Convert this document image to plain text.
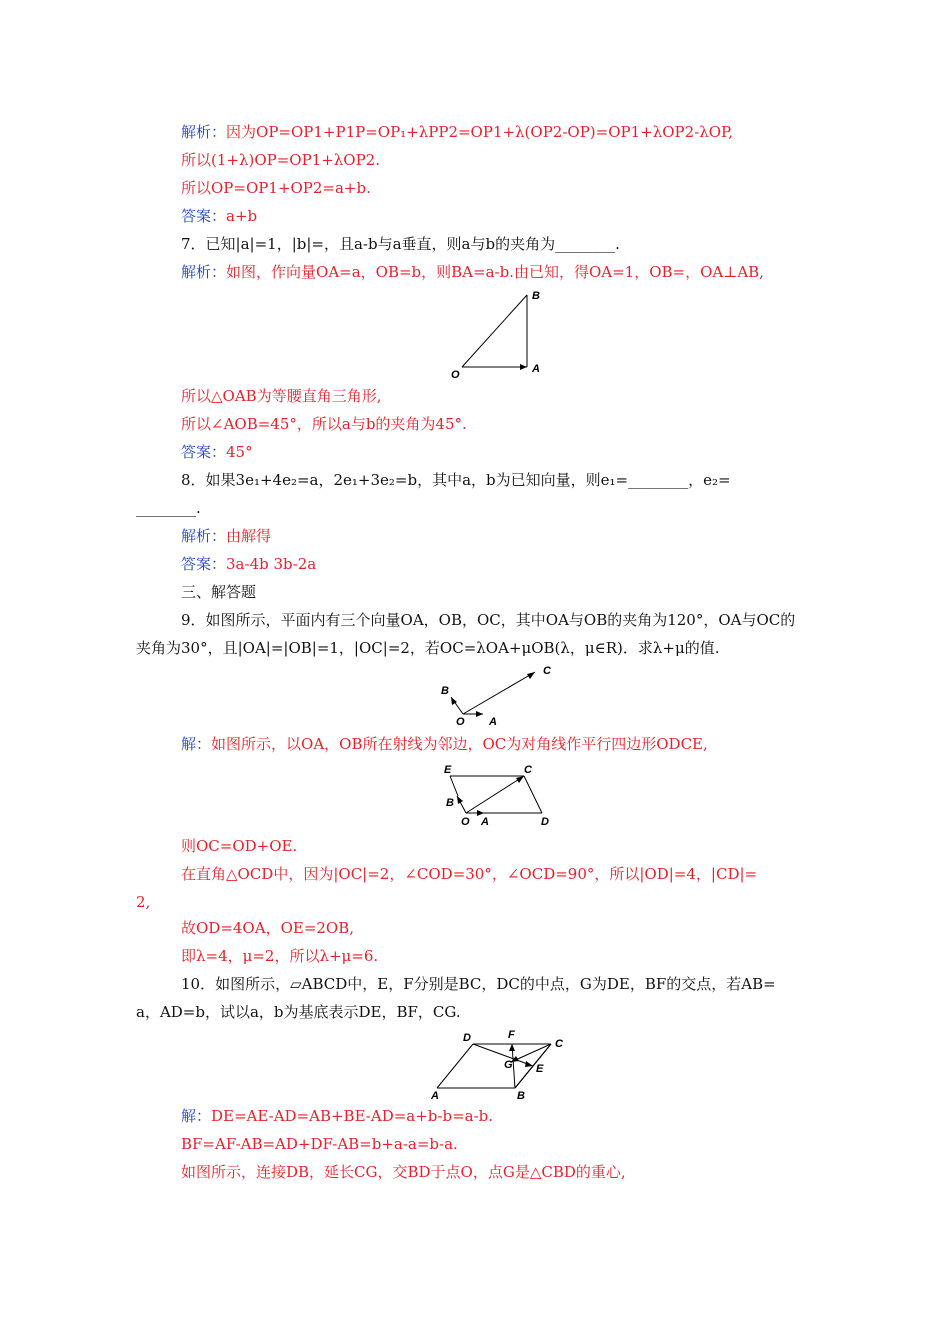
解析：因为OP=OP1+P1P=OP₁+λPP2=OP1+λ(OP2-OP)=OP1+λOP2-λOP,
所以(1+λ)OP=OP1+λOP2.
所以OP=OP1+OP2=a+b.
答案：a+b
7．已知|a|=1，|b|=，且a-b与a垂直，则a与b的夹角为________.
解析：如图，作向量OA=a，OB=b，则BA=a-b.由已知，得OA=1，OB=，OA⊥AB,
B
O	A
所以△OAB为等腰直角三角形,
所以∠AOB=45°，所以a与b的夹角为45°.
答案：45°
8．如果3e₁+4e₂=a，2e₁+3e₂=b，其中a，b为已知向量，则e₁=________，e₂=
________.
解析：由解得
答案：3a-4b 3b-2a
三、解答题
9．如图所示，平面内有三个向量OA，OB，OC，其中OA与OB的夹角为120°，OA与OC的
夹角为30°，且|OA|=|OB|=1，|OC|=2，若OC=λOA+μOB(λ，μ∈R)．求λ+μ的值.
C
B
O A
解：如图所示，以OA，OB所在射线为邻边，OC为对角线作平行四边形ODCE,
E	C
B
O A	D
则OC=OD+OE.
在直角△OCD中，因为|OC|=2，∠COD=30°，∠OCD=90°，所以|OD|=4，|CD|=
2,
故OD=4OA，OE=2OB,
即λ=4，μ=2，所以λ+μ=6.
10．如图所示，▱ABCD中，E，F分别是BC，DC的中点，G为DE，BF的交点，若AB=
a，AD=b，试以a，b为基底表示DE，BF，CG.
D	F
C
G E
A	B
解：DE=AE-AD=AB+BE-AD=a+b-b=a-b.
BF=AF-AB=AD+DF-AB=b+a-a=b-a.
如图所示，连接DB，延长CG，交BD于点O，点G是△CBD的重心,
